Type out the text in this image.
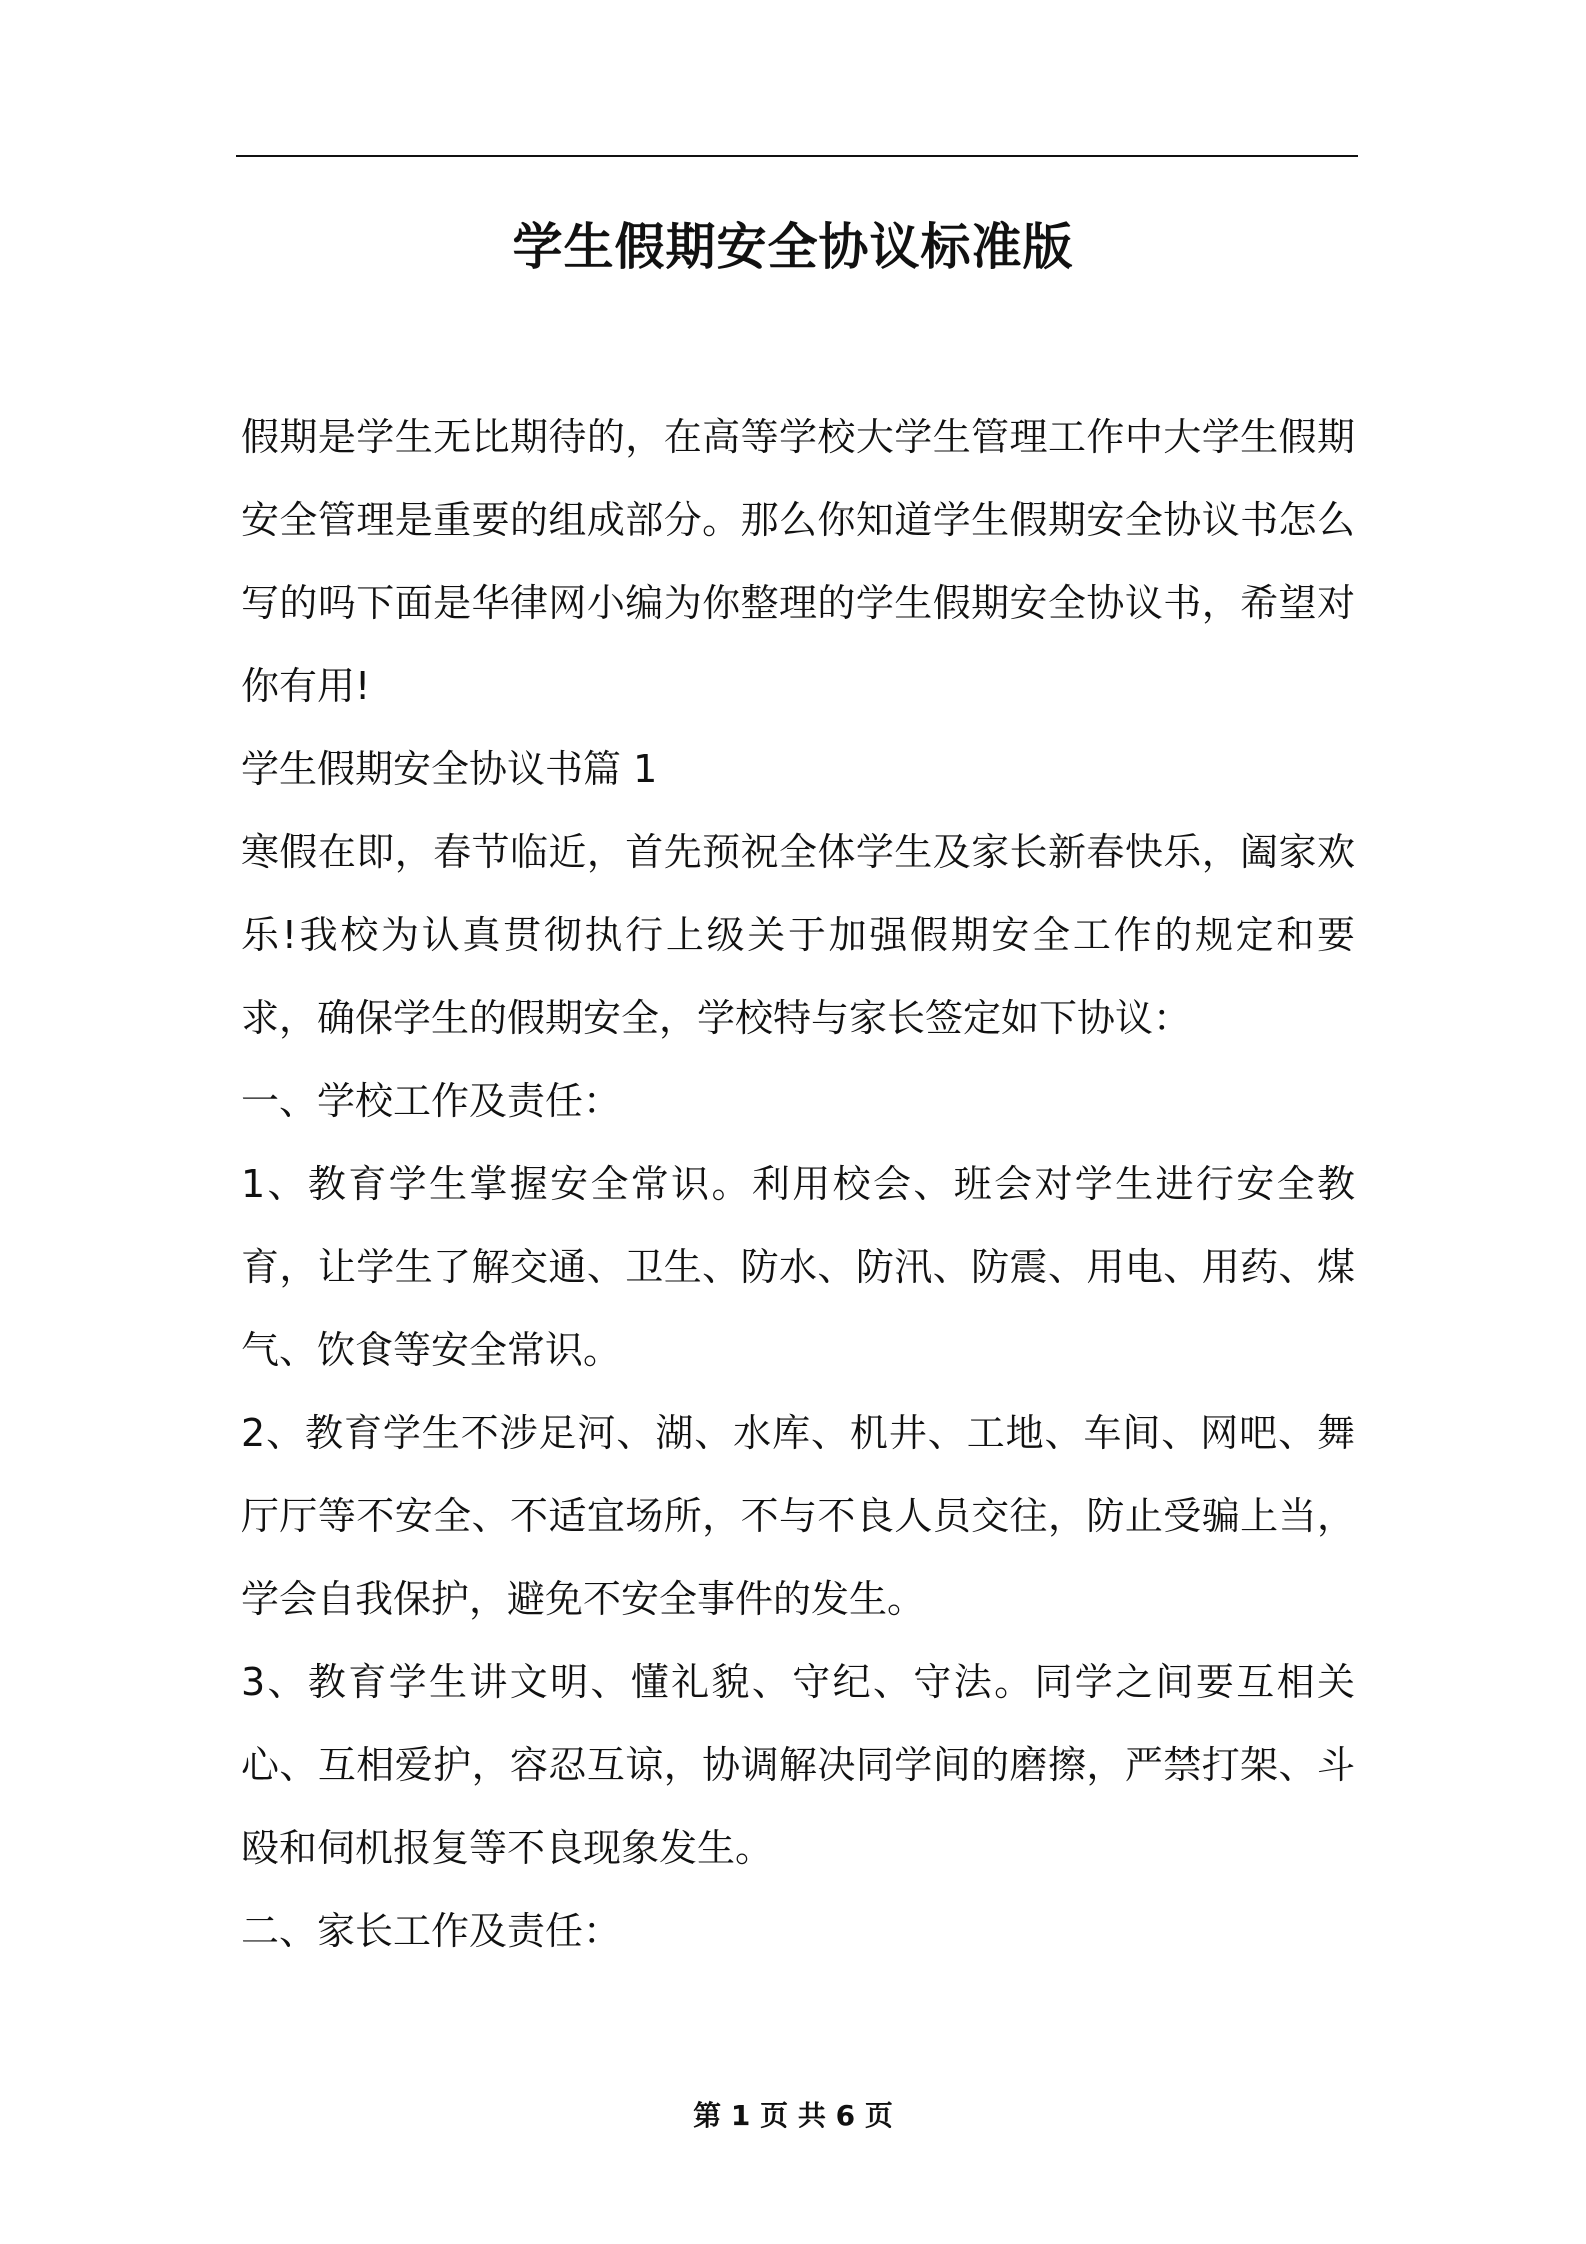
学生假期安全协议标准版

假期是学生无比期待的，在高等学校大学生管理工作中大学生假期安全管理是重要的组成部分。那么你知道学生假期安全协议书怎么写的吗下面是华律网小编为你整理的学生假期安全协议书，希望对你有用!

学生假期安全协议书篇 1

寒假在即，春节临近，首先预祝全体学生及家长新春快乐，阖家欢乐!我校为认真贯彻执行上级关于加强假期安全工作的规定和要求，确保学生的假期安全，学校特与家长签定如下协议：

一、学校工作及责任：

1、教育学生掌握安全常识。利用校会、班会对学生进行安全教育，让学生了解交通、卫生、防水、防汛、防震、用电、用药、煤气、饮食等安全常识。

2、教育学生不涉足河、湖、水库、机井、工地、车间、网吧、舞厅厅等不安全、不适宜场所，不与不良人员交往，防止受骗上当，学会自我保护，避免不安全事件的发生。

3、教育学生讲文明、懂礼貌、守纪、守法。同学之间要互相关心、互相爱护，容忍互谅，协调解决同学间的磨擦，严禁打架、斗殴和伺机报复等不良现象发生。

二、家长工作及责任：

第 1 页 共 6 页
